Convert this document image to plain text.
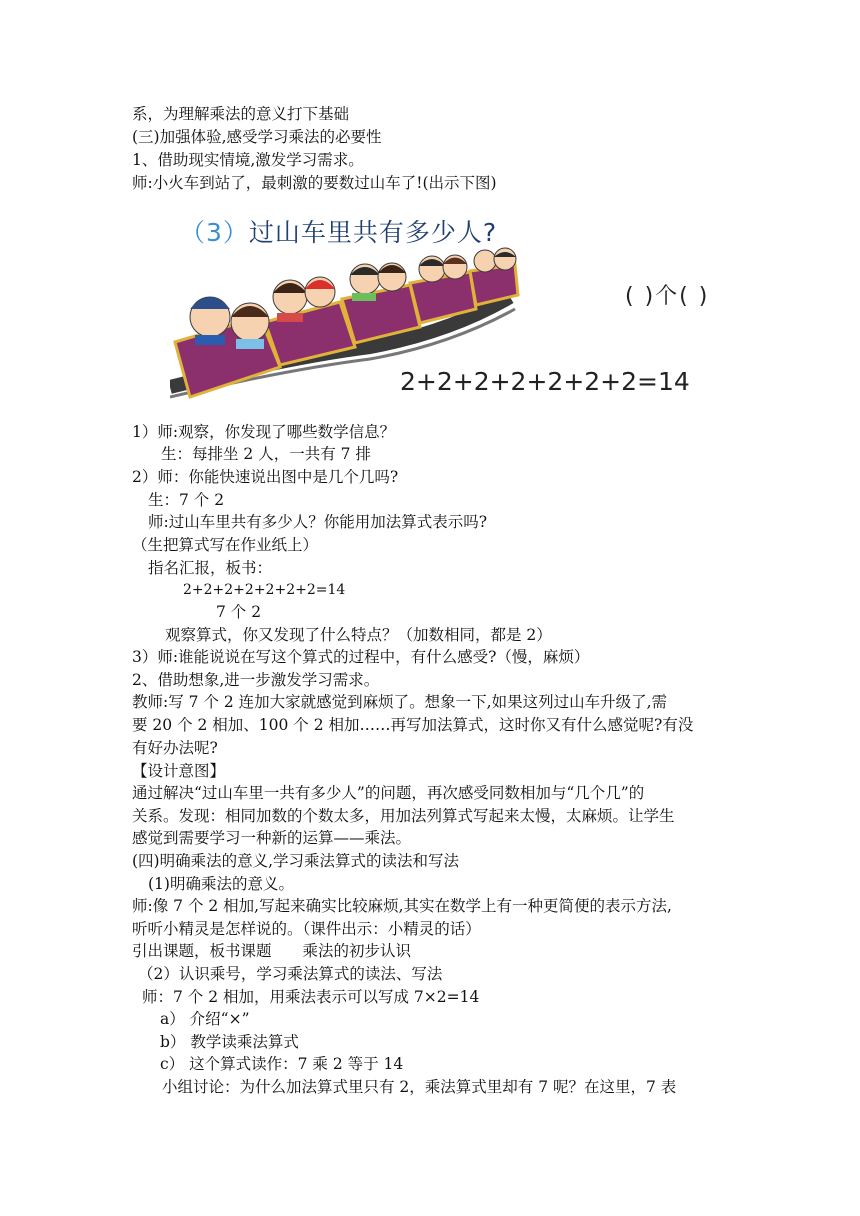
系，为理解乘法的意义打下基础
(三)加强体验,感受学习乘法的必要性
1、借助现实情境,激发学习需求。
师:小火车到站了，最刺激的要数过山车了!(出示下图)
（3）过山车里共有多少人?
( )个( )
2+2+2+2+2+2+2=14
1）师:观察，你发现了哪些数学信息？
生：每排坐 2 人，一共有 7 排
2）师：你能快速说出图中是几个几吗?
生：7 个 2
师:过山车里共有多少人？你能用加法算式表示吗?
（生把算式写在作业纸上）
指名汇报，板书：
2+2+2+2+2+2+2=14
7 个 2
观察算式，你又发现了什么特点？（加数相同，都是 2）
3）师:谁能说说在写这个算式的过程中，有什么感受?（慢，麻烦）
2、借助想象,进一步激发学习需求。
教师:写 7 个 2 连加大家就感觉到麻烦了。想象一下,如果这列过山车升级了,需
要 20 个 2 相加、100 个 2 相加……再写加法算式，这时你又有什么感觉呢?有没
有好办法呢?
【设计意图】
通过解决“过山车里一共有多少人”的问题，再次感受同数相加与“几个几”的
关系。发现：相同加数的个数太多，用加法列算式写起来太慢，太麻烦。让学生
感觉到需要学习一种新的运算——乘法。
(四)明确乘法的意义,学习乘法算式的读法和写法
(1)明确乘法的意义。
师:像 7 个 2 相加,写起来确实比较麻烦,其实在数学上有一种更简便的表示方法,
听听小精灵是怎样说的。（课件出示：小精灵的话）
引出课题，板书课题　　乘法的初步认识
（2）认识乘号，学习乘法算式的读法、写法
师：7 个 2 相加，用乘法表示可以写成 7×2=14
a） 介绍“×”
b） 教学读乘法算式
c） 这个算式读作：7 乘 2 等于 14
小组讨论：为什么加法算式里只有 2，乘法算式里却有 7 呢？在这里，7 表
